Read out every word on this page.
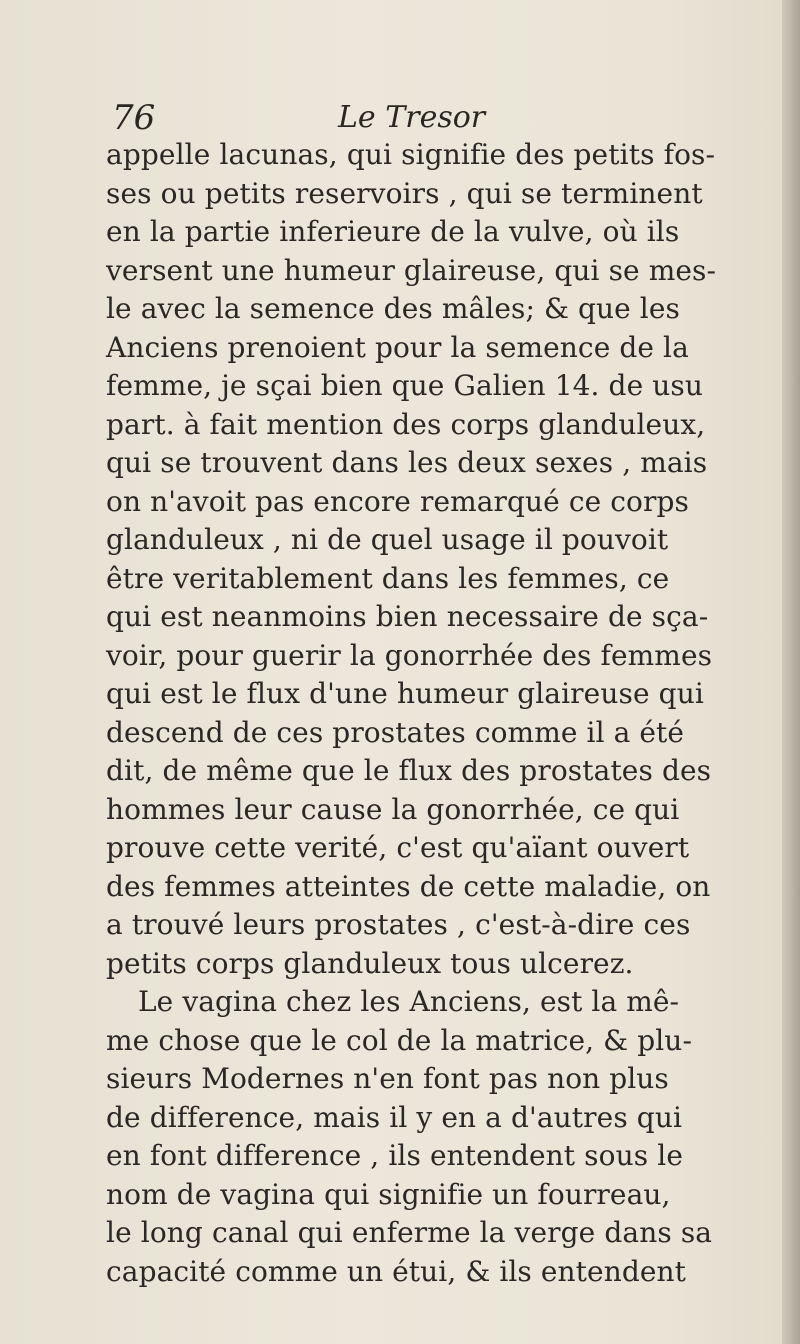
76	Le Tresor
appelle lacunas, qui signifie des petits fos-
ses ou petits reservoirs , qui se terminent
en la partie inferieure de la vulve, où ils
versent une humeur glaireuse, qui se mes-
le avec la semence des mâles; & que les
Anciens prenoient pour la semence de la
femme, je sçai bien que Galien 14. de usu
part. à fait mention des corps glanduleux,
qui se trouvent dans les deux sexes , mais
on n'avoit pas encore remarqué ce corps
glanduleux , ni de quel usage il pouvoit
être veritablement dans les femmes, ce
qui est neanmoins bien necessaire de sça-
voir, pour guerir la gonorrhée des femmes
qui est le flux d'une humeur glaireuse qui
descend de ces prostates comme il a été
dit, de même que le flux des prostates des
hommes leur cause la gonorrhée, ce qui
prouve cette verité, c'est qu'aïant ouvert
des femmes atteintes de cette maladie, on
a trouvé leurs prostates , c'est-à-dire ces
petits corps glanduleux tous ulcerez.
Le vagina chez les Anciens, est la mê-
me chose que le col de la matrice, & plu-
sieurs Modernes n'en font pas non plus
de difference, mais il y en a d'autres qui
en font difference , ils entendent sous le
nom de vagina qui signifie un fourreau,
le long canal qui enferme la verge dans sa
capacité comme un étui, & ils entendent
